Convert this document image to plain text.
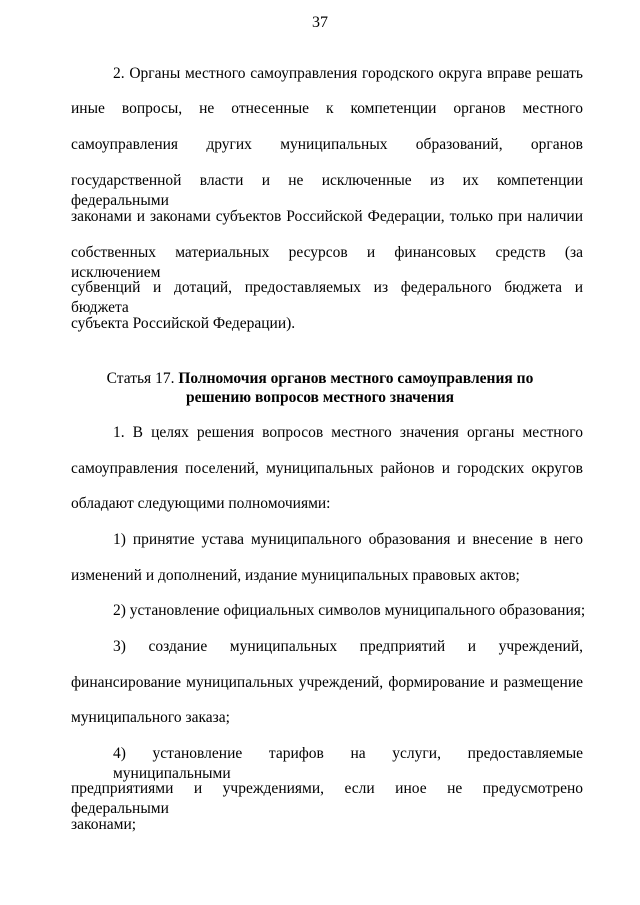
37
2. Органы местного самоуправления городского округа вправе решать
иные вопросы, не отнесенные к компетенции органов местного
самоуправления других муниципальных образований, органов
государственной власти и не исключенные из их компетенции федеральными
законами и законами субъектов Российской Федерации, только при наличии
собственных материальных ресурсов и финансовых средств (за исключением
субвенций и дотаций, предоставляемых из федерального бюджета и бюджета
субъекта Российской Федерации).
Статья 17. Полномочия органов местного самоуправления по
решению вопросов местного значения
1. В целях решения вопросов местного значения органы местного
самоуправления поселений, муниципальных районов и городских округов
обладают следующими полномочиями:
1) принятие устава муниципального образования и внесение в него
изменений и дополнений, издание муниципальных правовых актов;
2) установление официальных символов муниципального образования;
3) создание муниципальных предприятий и учреждений,
финансирование муниципальных учреждений, формирование и размещение
муниципального заказа;
4) установление тарифов на услуги, предоставляемые муниципальными
предприятиями и учреждениями, если иное не предусмотрено федеральными
законами;
